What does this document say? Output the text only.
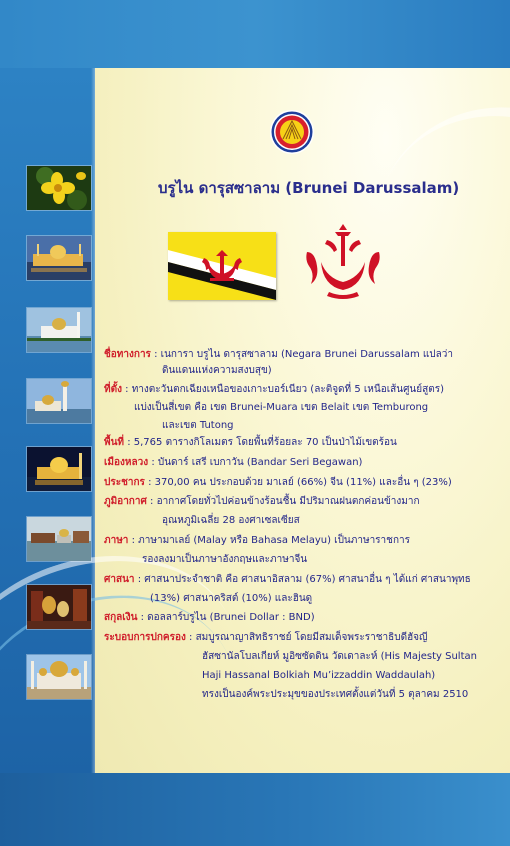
บรูไน ดารุสซาลาม (Brunei Darussalam)
ชื่อทางการ : เนการา บรูไน ดารุสซาลาม (Negara Brunei Darussalam แปลว่า
ดินแดนแห่งความสงบสุข)
ที่ตั้ง : ทางตะวันตกเฉียงเหนือของเกาะบอร์เนียว (ละติจูดที่ 5 เหนือเส้นศูนย์สูตร)
แบ่งเป็นสี่เขต คือ เขต Brunei-Muara เขต Belait เขต Temburong
และเขต Tutong
พื้นที่ : 5,765 ตารางกิโลเมตร โดยพื้นที่ร้อยละ 70 เป็นป่าไม้เขตร้อน
เมืองหลวง : บันดาร์ เสรี เบกาวัน (Bandar Seri Begawan)
ประชากร : 370,00 คน ประกอบด้วย มาเลย์ (66%) จีน (11%) และอื่น ๆ (23%)
ภูมิอากาศ : อากาศโดยทั่วไปค่อนข้างร้อนชื้น มีปริมาณฝนตกค่อนข้างมาก
อุณหภูมิเฉลี่ย 28 องศาเซลเซียส
ภาษา : ภาษามาเลย์ (Malay หรือ Bahasa Melayu) เป็นภาษาราชการ
รองลงมาเป็นภาษาอังกฤษและภาษาจีน
ศาสนา : ศาสนาประจำชาติ คือ ศาสนาอิสลาม (67%) ศาสนาอื่น ๆ ได้แก่ ศาสนาพุทธ
(13%) ศาสนาคริสต์ (10%) และฮินดู
สกุลเงิน : ดอลลาร์บรูไน (Brunei Dollar : BND)
ระบอบการปกครอง : สมบูรณาญาสิทธิราชย์ โดยมีสมเด็จพระราชาธิบดีฮัจญี
ฮัสซานัลโบลเกียห์ มูอิซซัดดิน วัดเดาละห์ (His Majesty Sultan
Haji Hassanal Bolkiah Mu’izzaddin Waddaulah)
ทรงเป็นองค์พระประมุขของประเทศตั้งแต่วันที่ 5 ตุลาคม 2510
